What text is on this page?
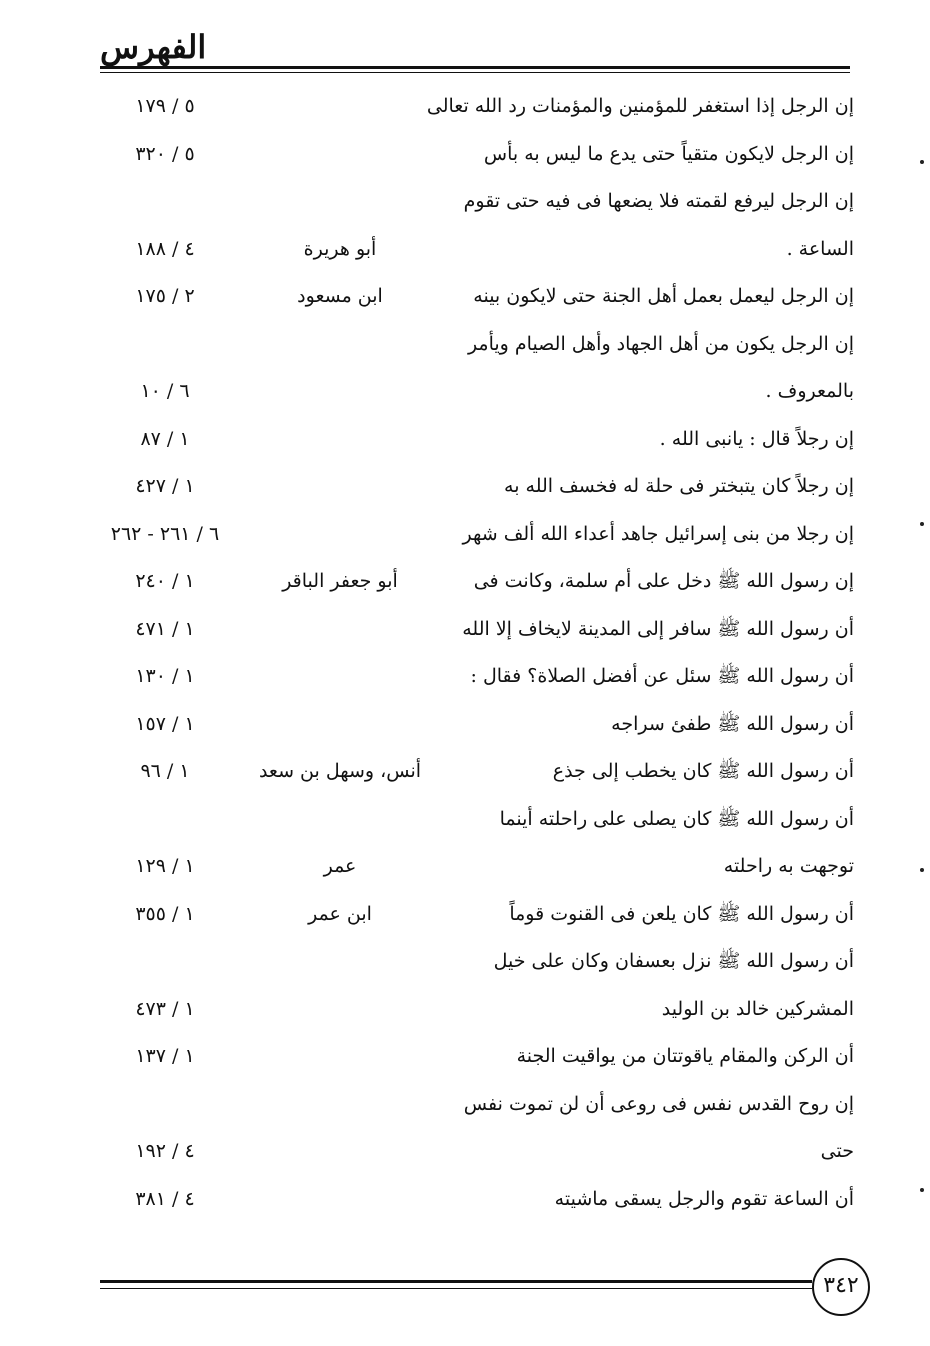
الفهرس
إن الرجل إذا استغفر للمؤمنين والمؤمنات رد الله تعالى
٥ / ١٧٩
إن الرجل لايكون متقياً حتى يدع ما ليس به بأس
٥ / ٣٢٠
إن الرجل ليرفع لقمته فلا يضعها فى فيه حتى تقوم
الساعة .
أبو هريرة
٤ / ١٨٨
إن الرجل ليعمل بعمل أهل الجنة حتى لايكون بينه
ابن مسعود
٢ / ١٧٥
إن الرجل يكون من أهل الجهاد وأهل الصيام ويأمر
بالمعروف .
٦ / ١٠
إن رجلاً قال : يانبى الله .
١ / ٨٧
إن رجلاً كان يتبختر فى حلة له فخسف الله به
١ / ٤٢٧
إن رجلا من بنى إسرائيل جاهد أعداء الله ألف شهر
٦ / ٢٦١ - ٢٦٢
إن رسول الله ﷺ دخل على أم سلمة، وكانت فى
أبو جعفر الباقر
١ / ٢٤٠
أن رسول الله ﷺ سافر إلى المدينة لايخاف إلا الله
١ / ٤٧١
أن رسول الله ﷺ سئل عن أفضل الصلاة؟ فقال :
١ / ١٣٠
أن رسول الله ﷺ طفئ سراجه
١ / ١٥٧
أن رسول الله ﷺ كان يخطب إلى جذع
أنس، وسهل بن سعد
١ / ٩٦
أن رسول الله ﷺ كان يصلى على راحلته أينما
توجهت به راحلته
عمر
١ / ١٢٩
أن رسول الله ﷺ كان يلعن فى القنوت قوماً
ابن عمر
١ / ٣٥٥
أن رسول الله ﷺ نزل بعسفان وكان على خيل
المشركين خالد بن الوليد
١ / ٤٧٣
أن الركن والمقام ياقوتتان من يواقيت الجنة
١ / ١٣٧
إن روح القدس نفس فى روعى أن لن تموت نفس
حتى
٤ / ١٩٢
أن الساعة تقوم والرجل يسقى ماشيته
٤ / ٣٨١
٣٤٢
